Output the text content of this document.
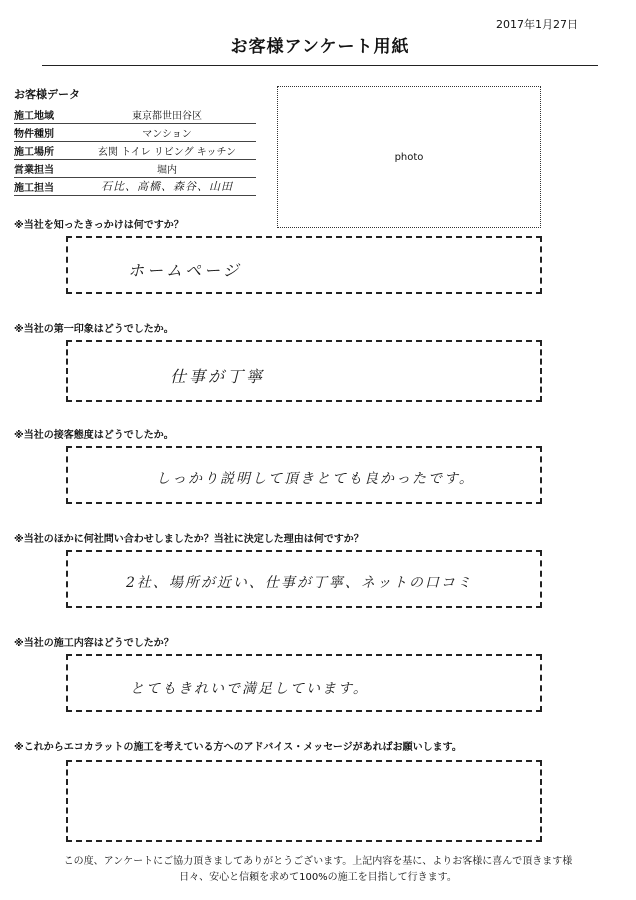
2017年1月27日
お客様アンケート用紙
お客様データ
施工地域	東京都世田谷区
物件種別	マンション
施工場所	玄関 トイレ リビング キッチン
営業担当	堀内
施工担当	石比、高橋、森谷、山田
photo
※当社を知ったきっかけは何ですか？
ホームページ
※当社の第一印象はどうでしたか。
仕事が丁寧
※当社の接客態度はどうでしたか。
しっかり説明して頂きとても良かったです。
※当社のほかに何社問い合わせしましたか？当社に決定した理由は何ですか？
2社、場所が近い、仕事が丁寧、ネットの口コミ
※当社の施工内容はどうでしたか？
とてもきれいで満足しています。
※これからエコカラットの施工を考えている方へのアドバイス・メッセージがあればお願いします。
この度、アンケートにご協力頂きましてありがとうございます。上記内容を基に、よりお客様に喜んで頂きます様
日々、安心と信頼を求めて100%の施工を目指して行きます。
